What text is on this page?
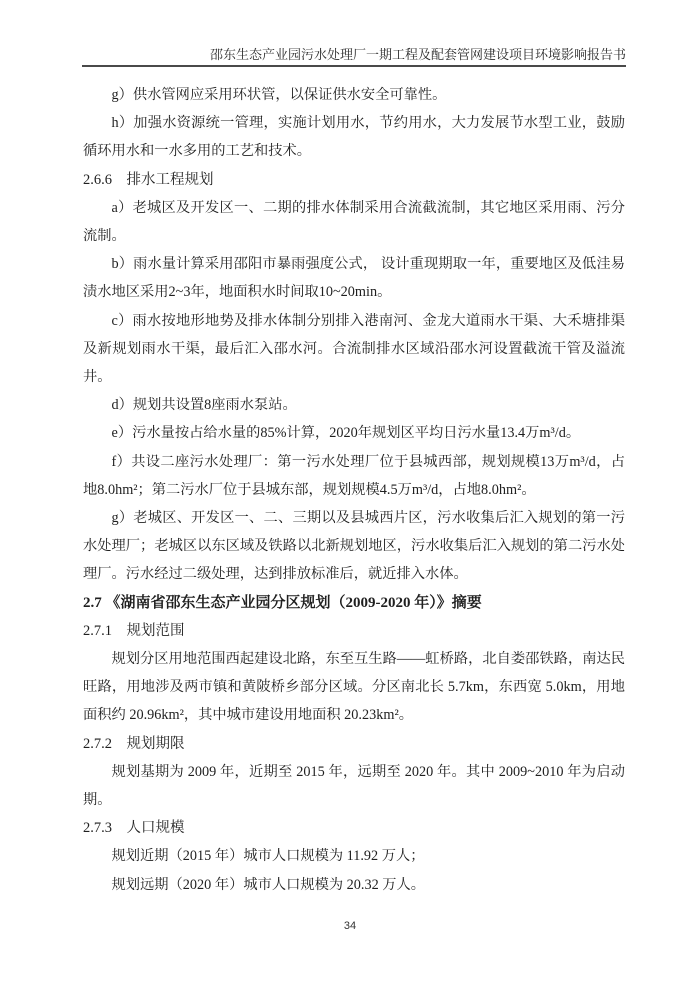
邵东生态产业园污水处理厂一期工程及配套管网建设项目环境影响报告书

g）供水管网应采用环状管，以保证供水安全可靠性。

h）加强水资源统一管理，实施计划用水，节约用水，大力发展节水型工业，鼓励循环用水和一水多用的工艺和技术。

2.6.6　排水工程规划

a）老城区及开发区一、二期的排水体制采用合流截流制，其它地区采用雨、污分流制。

b）雨水量计算采用邵阳市暴雨强度公式， 设计重现期取一年，重要地区及低洼易渍水地区采用2~3年，地面积水时间取10~20min。

c）雨水按地形地势及排水体制分别排入港南河、金龙大道雨水干渠、大禾塘排渠及新规划雨水干渠，最后汇入邵水河。合流制排水区域沿邵水河设置截流干管及溢流井。

d）规划共设置8座雨水泵站。

e）污水量按占给水量的85%计算，2020年规划区平均日污水量13.4万m³/d。

f）共设二座污水处理厂：第一污水处理厂位于县城西部，规划规模13万m³/d，占地8.0hm²；第二污水厂位于县城东部，规划规模4.5万m³/d，占地8.0hm²。

g）老城区、开发区一、二、三期以及县城西片区，污水收集后汇入规划的第一污水处理厂；老城区以东区域及铁路以北新规划地区，污水收集后汇入规划的第二污水处理厂。污水经过二级处理，达到排放标准后，就近排入水体。

2.7 《湖南省邵东生态产业园分区规划（2009-2020 年）》摘要

2.7.1　规划范围

规划分区用地范围西起建设北路，东至互生路——虹桥路，北自娄邵铁路，南达民旺路，用地涉及两市镇和黄陂桥乡部分区域。分区南北长 5.7km，东西宽 5.0km，用地面积约 20.96km²，其中城市建设用地面积 20.23km²。

2.7.2　规划期限

规划基期为 2009 年，近期至 2015 年，远期至 2020 年。其中 2009~2010 年为启动期。

2.7.3　人口规模

规划近期（2015 年）城市人口规模为 11.92 万人；

规划远期（2020 年）城市人口规模为 20.32 万人。

34
